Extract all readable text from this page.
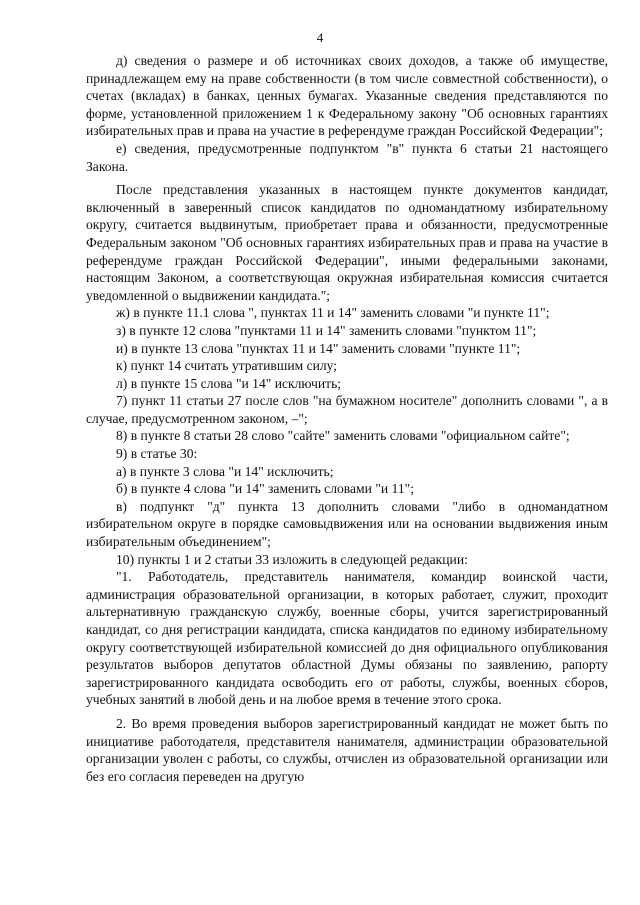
4

д) сведения о размере и об источниках своих доходов, а также об имуществе, принадлежащем ему на праве собственности (в том числе совместной собственности), о счетах (вкладах) в банках, ценных бумагах. Указанные сведения представляются по форме, установленной приложением 1 к Федеральному закону "Об основных гарантиях избирательных прав и права на участие в референдуме граждан Российской Федерации";

е) сведения, предусмотренные подпунктом "в" пункта 6 статьи 21 настоящего Закона.

После представления указанных в настоящем пункте документов кандидат, включенный в заверенный список кандидатов по одномандатному избирательному округу, считается выдвинутым, приобретает права и обязанности, предусмотренные Федеральным законом "Об основных гарантиях избирательных прав и права на участие в референдуме граждан Российской Федерации", иными федеральными законами, настоящим Законом, а соответствующая окружная избирательная комиссия считается уведомленной о выдвижении кандидата.";

ж) в пункте 11.1 слова ", пунктах 11 и 14" заменить словами "и пункте 11";

з) в пункте 12 слова "пунктами 11 и 14" заменить словами "пунктом 11";

и) в пункте 13 слова "пунктах 11 и 14" заменить словами "пункте 11";

к) пункт 14 считать утратившим силу;

л) в пункте 15 слова "и 14" исключить;

7) пункт 11 статьи 27 после слов "на бумажном носителе" дополнить словами ", а в случае, предусмотренном законом, –";

8) в пункте 8 статьи 28 слово "сайте" заменить словами "официальном сайте";

9) в статье 30:

а) в пункте 3 слова "и 14" исключить;

б) в пункте 4 слова "и 14" заменить словами "и 11";

в) подпункт "д" пункта 13 дополнить словами "либо в одномандатном избирательном округе в порядке самовыдвижения или на основании выдвижения иным избирательным объединением";

10) пункты 1 и 2 статьи 33 изложить в следующей редакции:

"1. Работодатель, представитель нанимателя, командир воинской части, администрация образовательной организации, в которых работает, служит, проходит альтернативную гражданскую службу, военные сборы, учится зарегистрированный кандидат, со дня регистрации кандидата, списка кандидатов по единому избирательному округу соответствующей избирательной комиссией до дня официального опубликования результатов выборов депутатов областной Думы обязаны по заявлению, рапорту зарегистрированного кандидата освободить его от работы, службы, военных сборов, учебных занятий в любой день и на любое время в течение этого срока.

2. Во время проведения выборов зарегистрированный кандидат не может быть по инициативе работодателя, представителя нанимателя, администрации образовательной организации уволен с работы, со службы, отчислен из образовательной организации или без его согласия переведен на другую
